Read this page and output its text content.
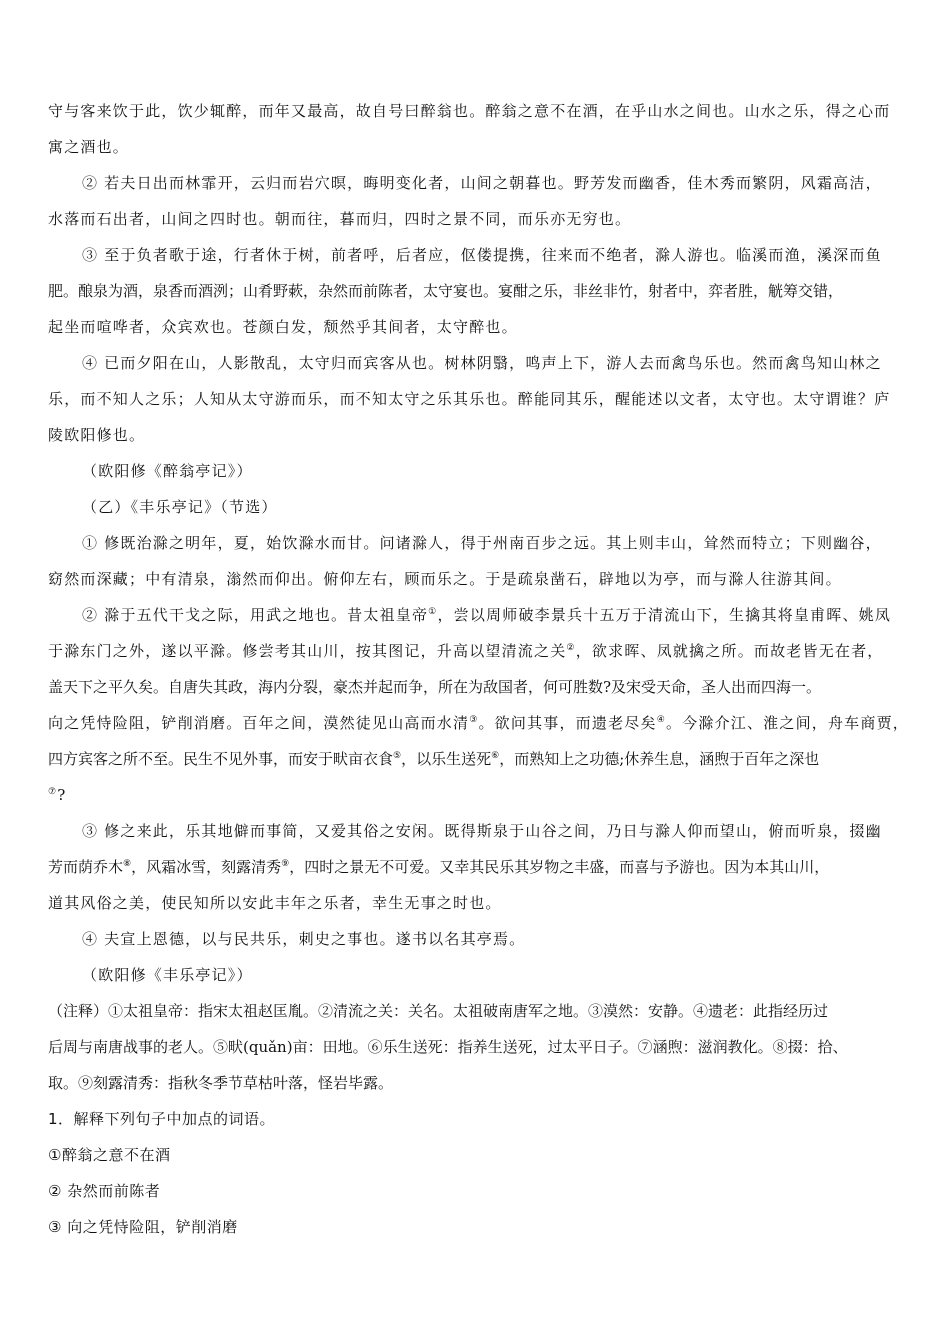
守与客来饮于此，饮少辄醉，而年又最高，故自号曰醉翁也。醉翁之意不在酒，在乎山水之间也。山水之乐，得之心而
寓之酒也。
② 若夫日出而林霏开，云归而岩穴暝，晦明变化者，山间之朝暮也。野芳发而幽香，佳木秀而繁阴，风霜高洁，
水落而石出者，山间之四时也。朝而往，暮而归，四时之景不同，而乐亦无穷也。
③ 至于负者歌于途，行者休于树，前者呼，后者应，伛偻提携，往来而不绝者，滁人游也。临溪而渔，溪深而鱼
肥。酿泉为酒，泉香而酒洌；山肴野蔌，杂然而前陈者，太守宴也。宴酣之乐，非丝非竹，射者中，弈者胜，觥筹交错，
起坐而喧哗者，众宾欢也。苍颜白发，颓然乎其间者，太守醉也。
④ 已而夕阳在山，人影散乱，太守归而宾客从也。树林阴翳，鸣声上下，游人去而禽鸟乐也。然而禽鸟知山林之
乐，而不知人之乐；人知从太守游而乐，而不知太守之乐其乐也。醉能同其乐，醒能述以文者，太守也。太守谓谁？庐
陵欧阳修也。
（欧阳修《醉翁亭记》）
（乙）《丰乐亭记》（节选）
① 修既治滁之明年，夏，始饮滁水而甘。问诸滁人，得于州南百步之远。其上则丰山，耸然而特立；下则幽谷，
窈然而深藏；中有清泉，滃然而仰出。俯仰左右，顾而乐之。于是疏泉凿石，辟地以为亭，而与滁人往游其间。
② 滁于五代干戈之际，用武之地也。昔太祖皇帝①，尝以周师破李景兵十五万于清流山下，生擒其将皇甫晖、姚凤
于滁东门之外，遂以平滁。修尝考其山川，按其图记，升高以望清流之关②，欲求晖、凤就擒之所。而故老皆无在者，
盖天下之平久矣。自唐失其政，海内分裂，豪杰并起而争，所在为敌国者，何可胜数?及宋受天命，圣人出而四海一。
向之凭恃险阻，铲削消磨。百年之间，漠然徒见山高而水清③。欲问其事，而遗老尽矣④。今滁介江、淮之间，舟车商贾，
四方宾客之所不至。民生不见外事，而安于畎亩衣食⑤，以乐生送死⑥，而熟知上之功德;休养生息，涵煦于百年之深也
⑦?
③ 修之来此，乐其地僻而事简，又爱其俗之安闲。既得斯泉于山谷之间，乃日与滁人仰而望山，俯而听泉，掇幽
芳而荫乔木⑧，风霜冰雪，刻露清秀⑨，四时之景无不可爱。又幸其民乐其岁物之丰盛，而喜与予游也。因为本其山川，
道其风俗之美，使民知所以安此丰年之乐者，幸生无事之时也。
④ 夫宣上恩德，以与民共乐，刺史之事也。遂书以名其亭焉。
（欧阳修《丰乐亭记》）
（注释）①太祖皇帝：指宋太祖赵匡胤。②清流之关：关名。太祖破南唐军之地。③漠然：安静。④遗老：此指经历过
后周与南唐战事的老人。⑤畎(quǎn)亩：田地。⑥乐生送死：指养生送死，过太平日子。⑦涵煦：滋润教化。⑧掇：拾、
取。⑨刻露清秀：指秋冬季节草枯叶落，怪岩毕露。
1．解释下列句子中加点的词语。
①醉翁之意不在酒
② 杂然而前陈者
③ 向之凭恃险阻，铲削消磨
